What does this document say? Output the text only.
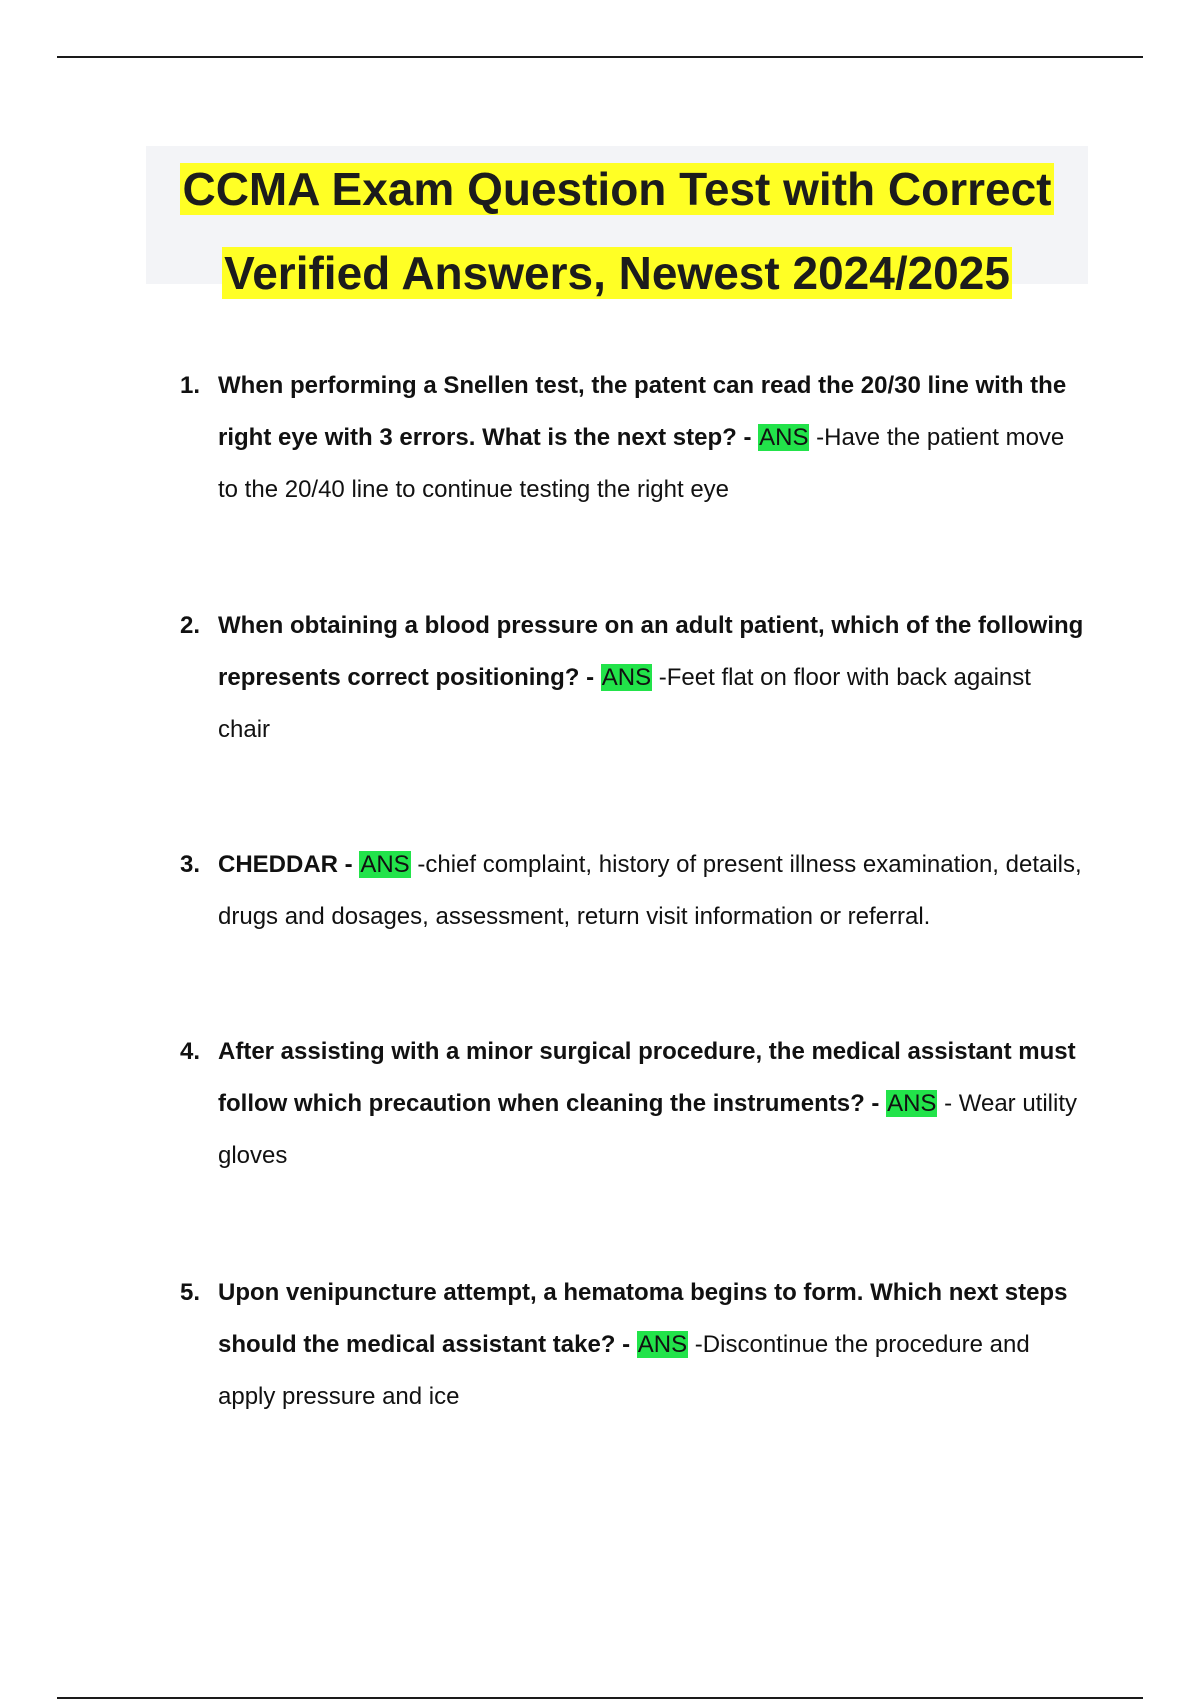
CCMA Exam Question Test with Correct
Verified Answers, Newest 2024/2025
1. When performing a Snellen test, the patent can read the 20/30 line with the right eye with 3 errors. What is the next step? - ANS -Have the patient move to the 20/40 line to continue testing the right eye
2. When obtaining a blood pressure on an adult patient, which of the following represents correct positioning? - ANS -Feet flat on floor with back against chair
3. CHEDDAR - ANS -chief complaint, history of present illness examination, details, drugs and dosages, assessment, return visit information or referral.
4. After assisting with a minor surgical procedure, the medical assistant must follow which precaution when cleaning the instruments? - ANS - Wear utility gloves
5. Upon venipuncture attempt, a hematoma begins to form. Which next steps should the medical assistant take? - ANS -Discontinue the procedure and apply pressure and ice
